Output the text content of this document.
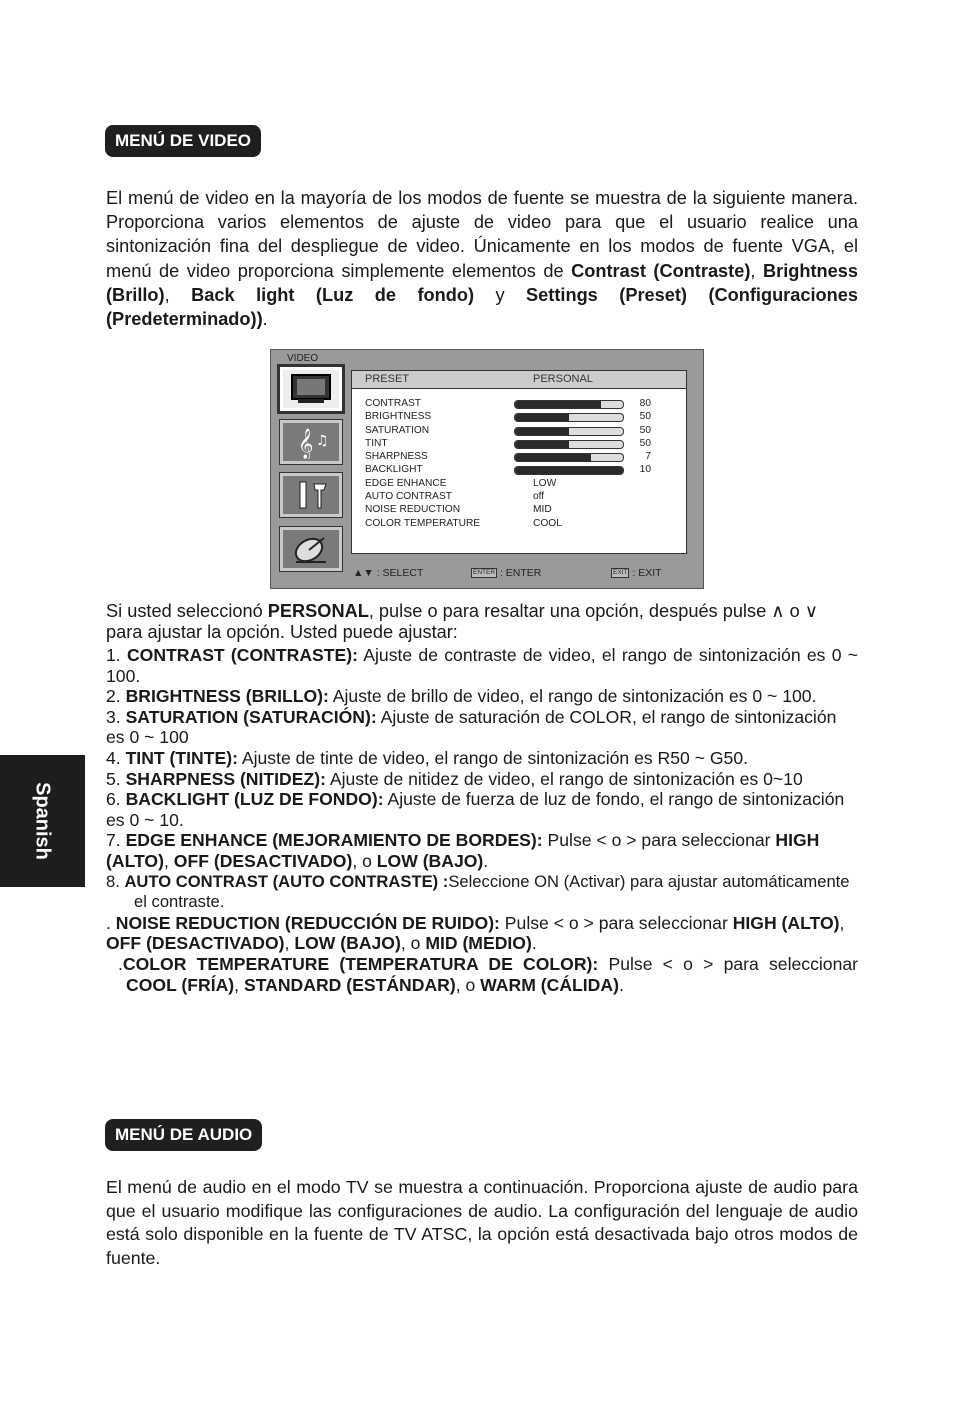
Spanish
MENÚ DE VIDEO

El menú de video en la mayoría de los modos de fuente se muestra de la siguiente manera. Proporciona varios elementos de ajuste de video para que el usuario realice una sintonización fina del despliegue de video. Únicamente en los modos de fuente VGA, el menú de video proporciona simplemente elementos de Contrast (Contraste), Brightness (Brillo), Back light (Luz de fondo) y Settings (Preset) (Configuraciones (Predeterminado)).

VIDEO
𝄞 ♫
PRESET	PERSONAL
CONTRAST	80
BRIGHTNESS	50
SATURATION	50
TINT	50
SHARPNESS	7
BACKLIGHT	10
EDGE ENHANCE	LOW
AUTO CONTRAST	off
NOISE REDUCTION	MID
COLOR TEMPERATURE	COOL
▲▼ : SELECT	ENTER : ENTER	EXIT : EXIT

Si usted seleccionó PERSONAL, pulse o para resaltar una opción, después pulse ∧ o ∨ para ajustar la opción. Usted puede ajustar:

1. CONTRAST (CONTRASTE): Ajuste de contraste de video, el rango de sintonización es 0 ~ 100.

2. BRIGHTNESS (BRILLO): Ajuste de brillo de video, el rango de sintonización es 0 ~ 100.

3. SATURATION (SATURACIÓN): Ajuste de saturación de COLOR, el rango de sintonización es 0 ~ 100

4. TINT (TINTE): Ajuste de tinte de video, el rango de sintonización es R50 ~ G50.

5. SHARPNESS (NITIDEZ): Ajuste de nitidez de video, el rango de sintonización es 0~10

6. BACKLIGHT (LUZ DE FONDO): Ajuste de fuerza de luz de fondo, el rango de sintonización es 0 ~ 10.

7. EDGE ENHANCE (MEJORAMIENTO DE BORDES): Pulse < o > para seleccionar HIGH (ALTO), OFF (DESACTIVADO), o LOW (BAJO).

8. AUTO CONTRAST (AUTO CONTRASTE) :Seleccione ON (Activar) para ajustar automáticamente el contraste.

. NOISE REDUCTION (REDUCCIÓN DE RUIDO): Pulse < o > para seleccionar HIGH (ALTO), OFF (DESACTIVADO), LOW (BAJO), o MID (MEDIO).

.COLOR TEMPERATURE (TEMPERATURA DE COLOR): Pulse < o > para seleccionar COOL (FRÍA), STANDARD (ESTÁNDAR), o WARM (CÁLIDA).

MENÚ DE AUDIO

El menú de audio en el modo TV se muestra a continuación. Proporciona ajuste de audio para que el usuario modifique las configuraciones de audio. La configuración del lenguaje de audio está solo disponible en la fuente de TV ATSC, la opción está desactivada bajo otros modos de fuente.
